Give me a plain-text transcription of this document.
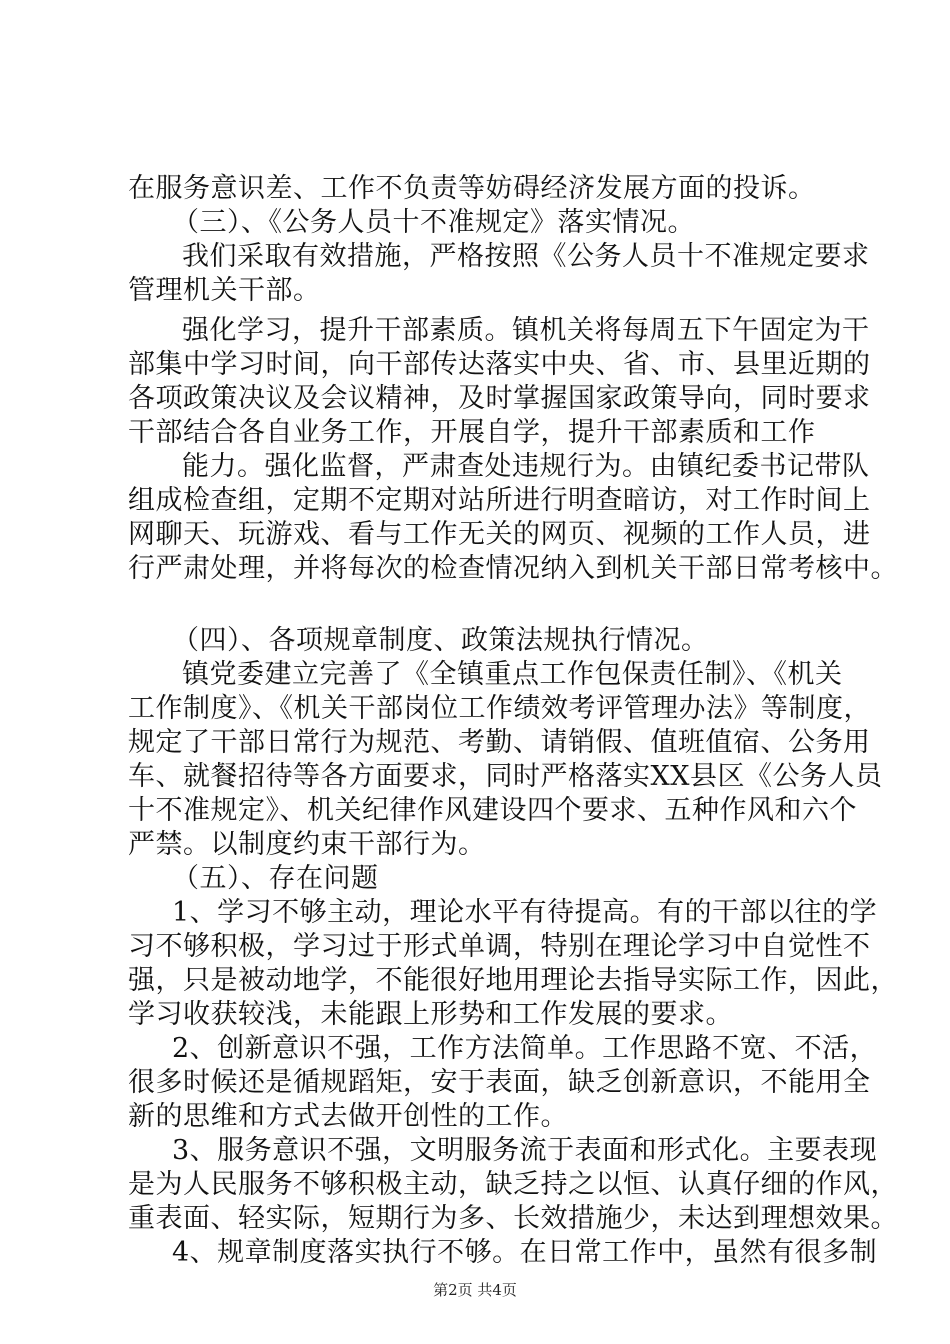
在服务意识差、工作不负责等妨碍经济发展方面的投诉。
（三）、《公务人员十不准规定》落实情况。
我们采取有效措施，严格按照《公务人员十不准规定要求
管理机关干部。
强化学习，提升干部素质。镇机关将每周五下午固定为干
部集中学习时间，向干部传达落实中央、省、市、县里近期的
各项政策决议及会议精神，及时掌握国家政策导向，同时要求
干部结合各自业务工作，开展自学，提升干部素质和工作
能力。强化监督，严肃查处违规行为。由镇纪委书记带队
组成检查组，定期不定期对站所进行明查暗访，对工作时间上
网聊天、玩游戏、看与工作无关的网页、视频的工作人员，进
行严肃处理，并将每次的检查情况纳入到机关干部日常考核中。
（四）、各项规章制度、政策法规执行情况。
镇党委建立完善了《全镇重点工作包保责任制》、《机关
工作制度》、《机关干部岗位工作绩效考评管理办法》等制度，
规定了干部日常行为规范、考勤、请销假、值班值宿、公务用
车、就餐招待等各方面要求，同时严格落实XX县区《公务人员
十不准规定》、机关纪律作风建设四个要求、五种作风和六个
严禁。以制度约束干部行为。
（五）、存在问题
1、学习不够主动，理论水平有待提高。有的干部以往的学
习不够积极，学习过于形式单调，特别在理论学习中自觉性不
强，只是被动地学，不能很好地用理论去指导实际工作，因此，
学习收获较浅，未能跟上形势和工作发展的要求。
2、创新意识不强，工作方法简单。工作思路不宽、不活，
很多时候还是循规蹈矩，安于表面，缺乏创新意识，不能用全
新的思维和方式去做开创性的工作。
3、服务意识不强，文明服务流于表面和形式化。主要表现
是为人民服务不够积极主动，缺乏持之以恒、认真仔细的作风，
重表面、轻实际，短期行为多、长效措施少，未达到理想效果。
4、规章制度落实执行不够。在日常工作中，虽然有很多制
第2页 共4页
